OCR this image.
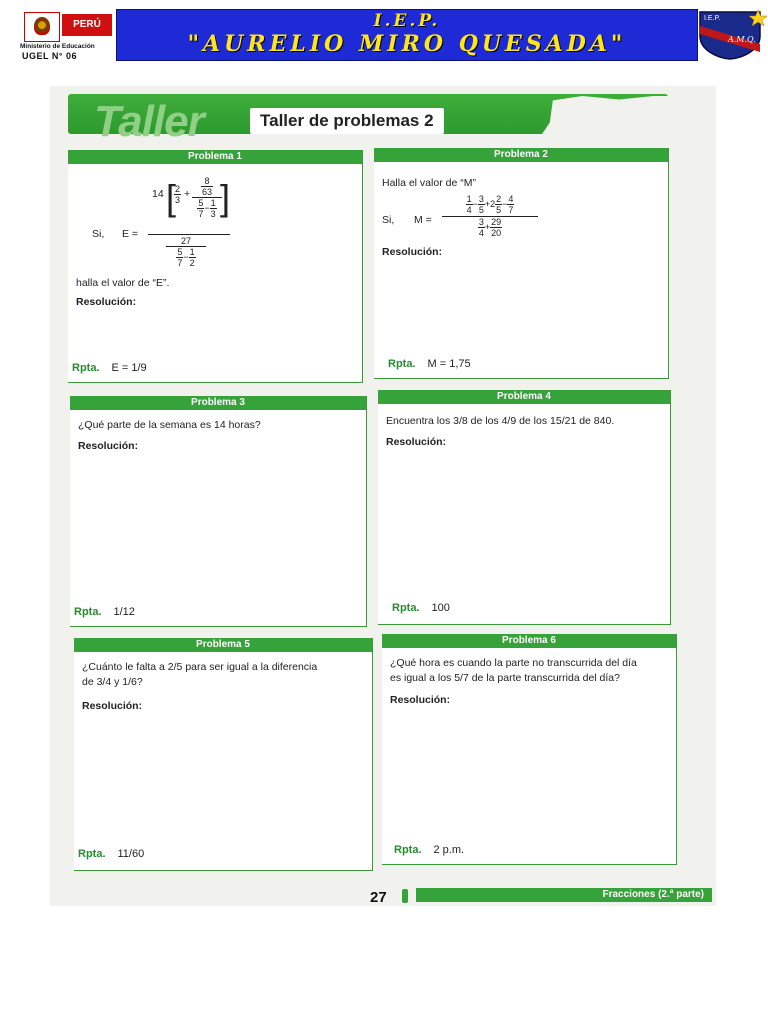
PERÚ
Ministerio de Educación
UGEL N° 06
I.E.P.
"AURELIO MIRO QUESADA"
I.E.P.
A.M.Q.
Taller	Taller de problemas 2
Problema 1
Si, E =
14 [
$\frac{2}{3} + \frac{8}{63}$
$\frac{5}{7} - \frac{1}{3}$ ]
27
$\frac{5}{7} - \frac{1}{2}$
halla el valor de “E”.
Resolución:
Rpta. E = 1/9
Problema 2
Halla el valor de “M”
Si, M =
$\frac{1}{4} - \frac{3}{5} +2 \frac{2}{5} - \frac{4}{7}$
$\frac{3}{4} + \frac{29}{20}$
Resolución:
Rpta. M = 1,75
Problema 3
¿Qué parte de la semana es 14 horas?
Resolución:
Rpta. 1/12
Problema 4
Encuentra los 3/8 de los 4/9 de los 15/21 de 840.
Resolución:
Rpta. 100
Problema 5
¿Cuánto le falta a 2/5 para ser igual a la diferencia
de 3/4 y 1/6?
Resolución:
Rpta. 11/60
Problema 6
¿Qué hora es cuando la parte no transcurrida del día
es igual a los 5/7 de la parte transcurrida del día?
Resolución:
Rpta. 2 p.m.
27	Fracciones (2.ª parte)
